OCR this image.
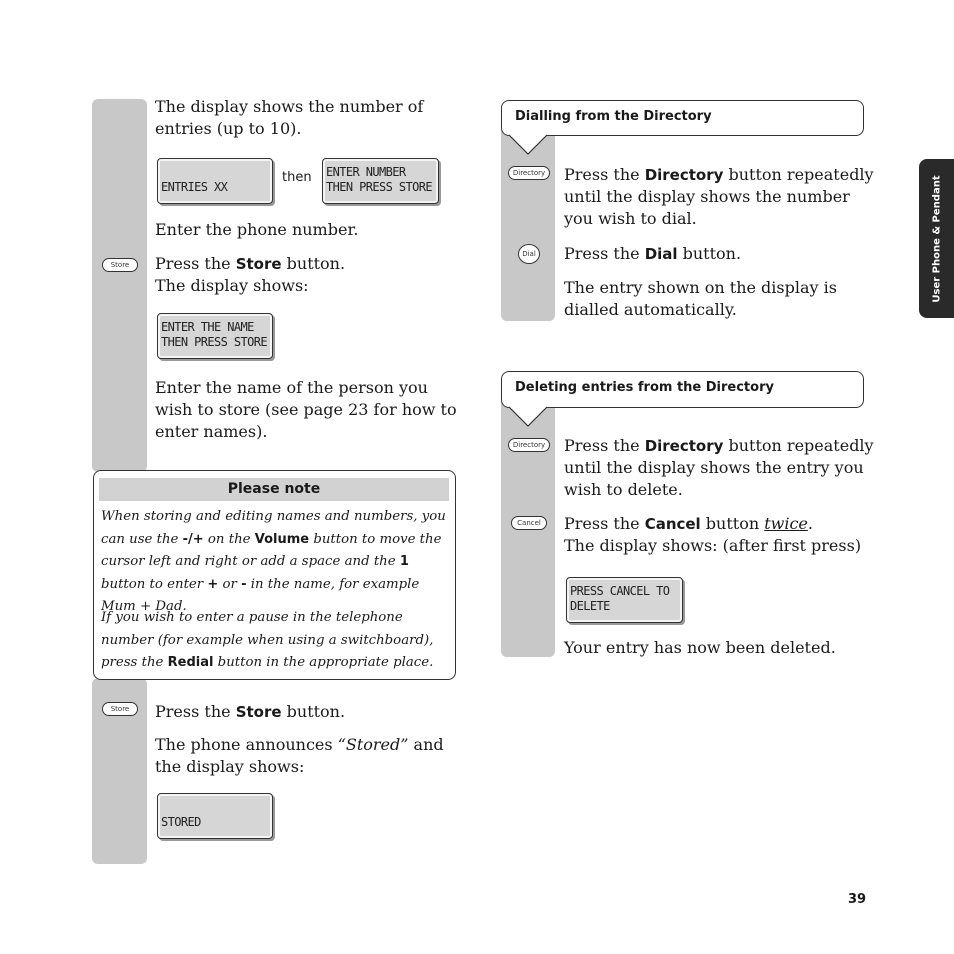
The display shows the number of entries (up to 10).
ENTRIES XX
then ENTER NUMBER
THEN PRESS STORE
Enter the phone number.
Store	Press the Store button.
The display shows:
ENTER THE NAME
THEN PRESS STORE
Enter the name of the person you wish to store (see page 23 for how to enter names).
Please note
When storing and editing names and numbers, you can use the -/+ on the Volume button to move the cursor left and right or add a space and the 1 button to enter + or - in the name, for example Mum + Dad.
If you wish to enter a pause in the telephone number (for example when using a switchboard), press the Redial button in the appropriate place.
Store	Press the Store button.
The phone announces “Stored” and the display shows:
STORED
Dialling from the Directory
Directory	Press the Directory button repeatedly until the display shows the number you wish to dial.
Dial Press the Dial button.
The entry shown on the display is dialled automatically.
Deleting entries from the Directory
Directory	Press the Directory button repeatedly until the display shows the entry you wish to delete.
Cancel	Press the Cancel button twice.
The display shows: (after first press)
PRESS CANCEL TO
DELETE
Your entry has now been deleted.
User Phone & Pendant
39
